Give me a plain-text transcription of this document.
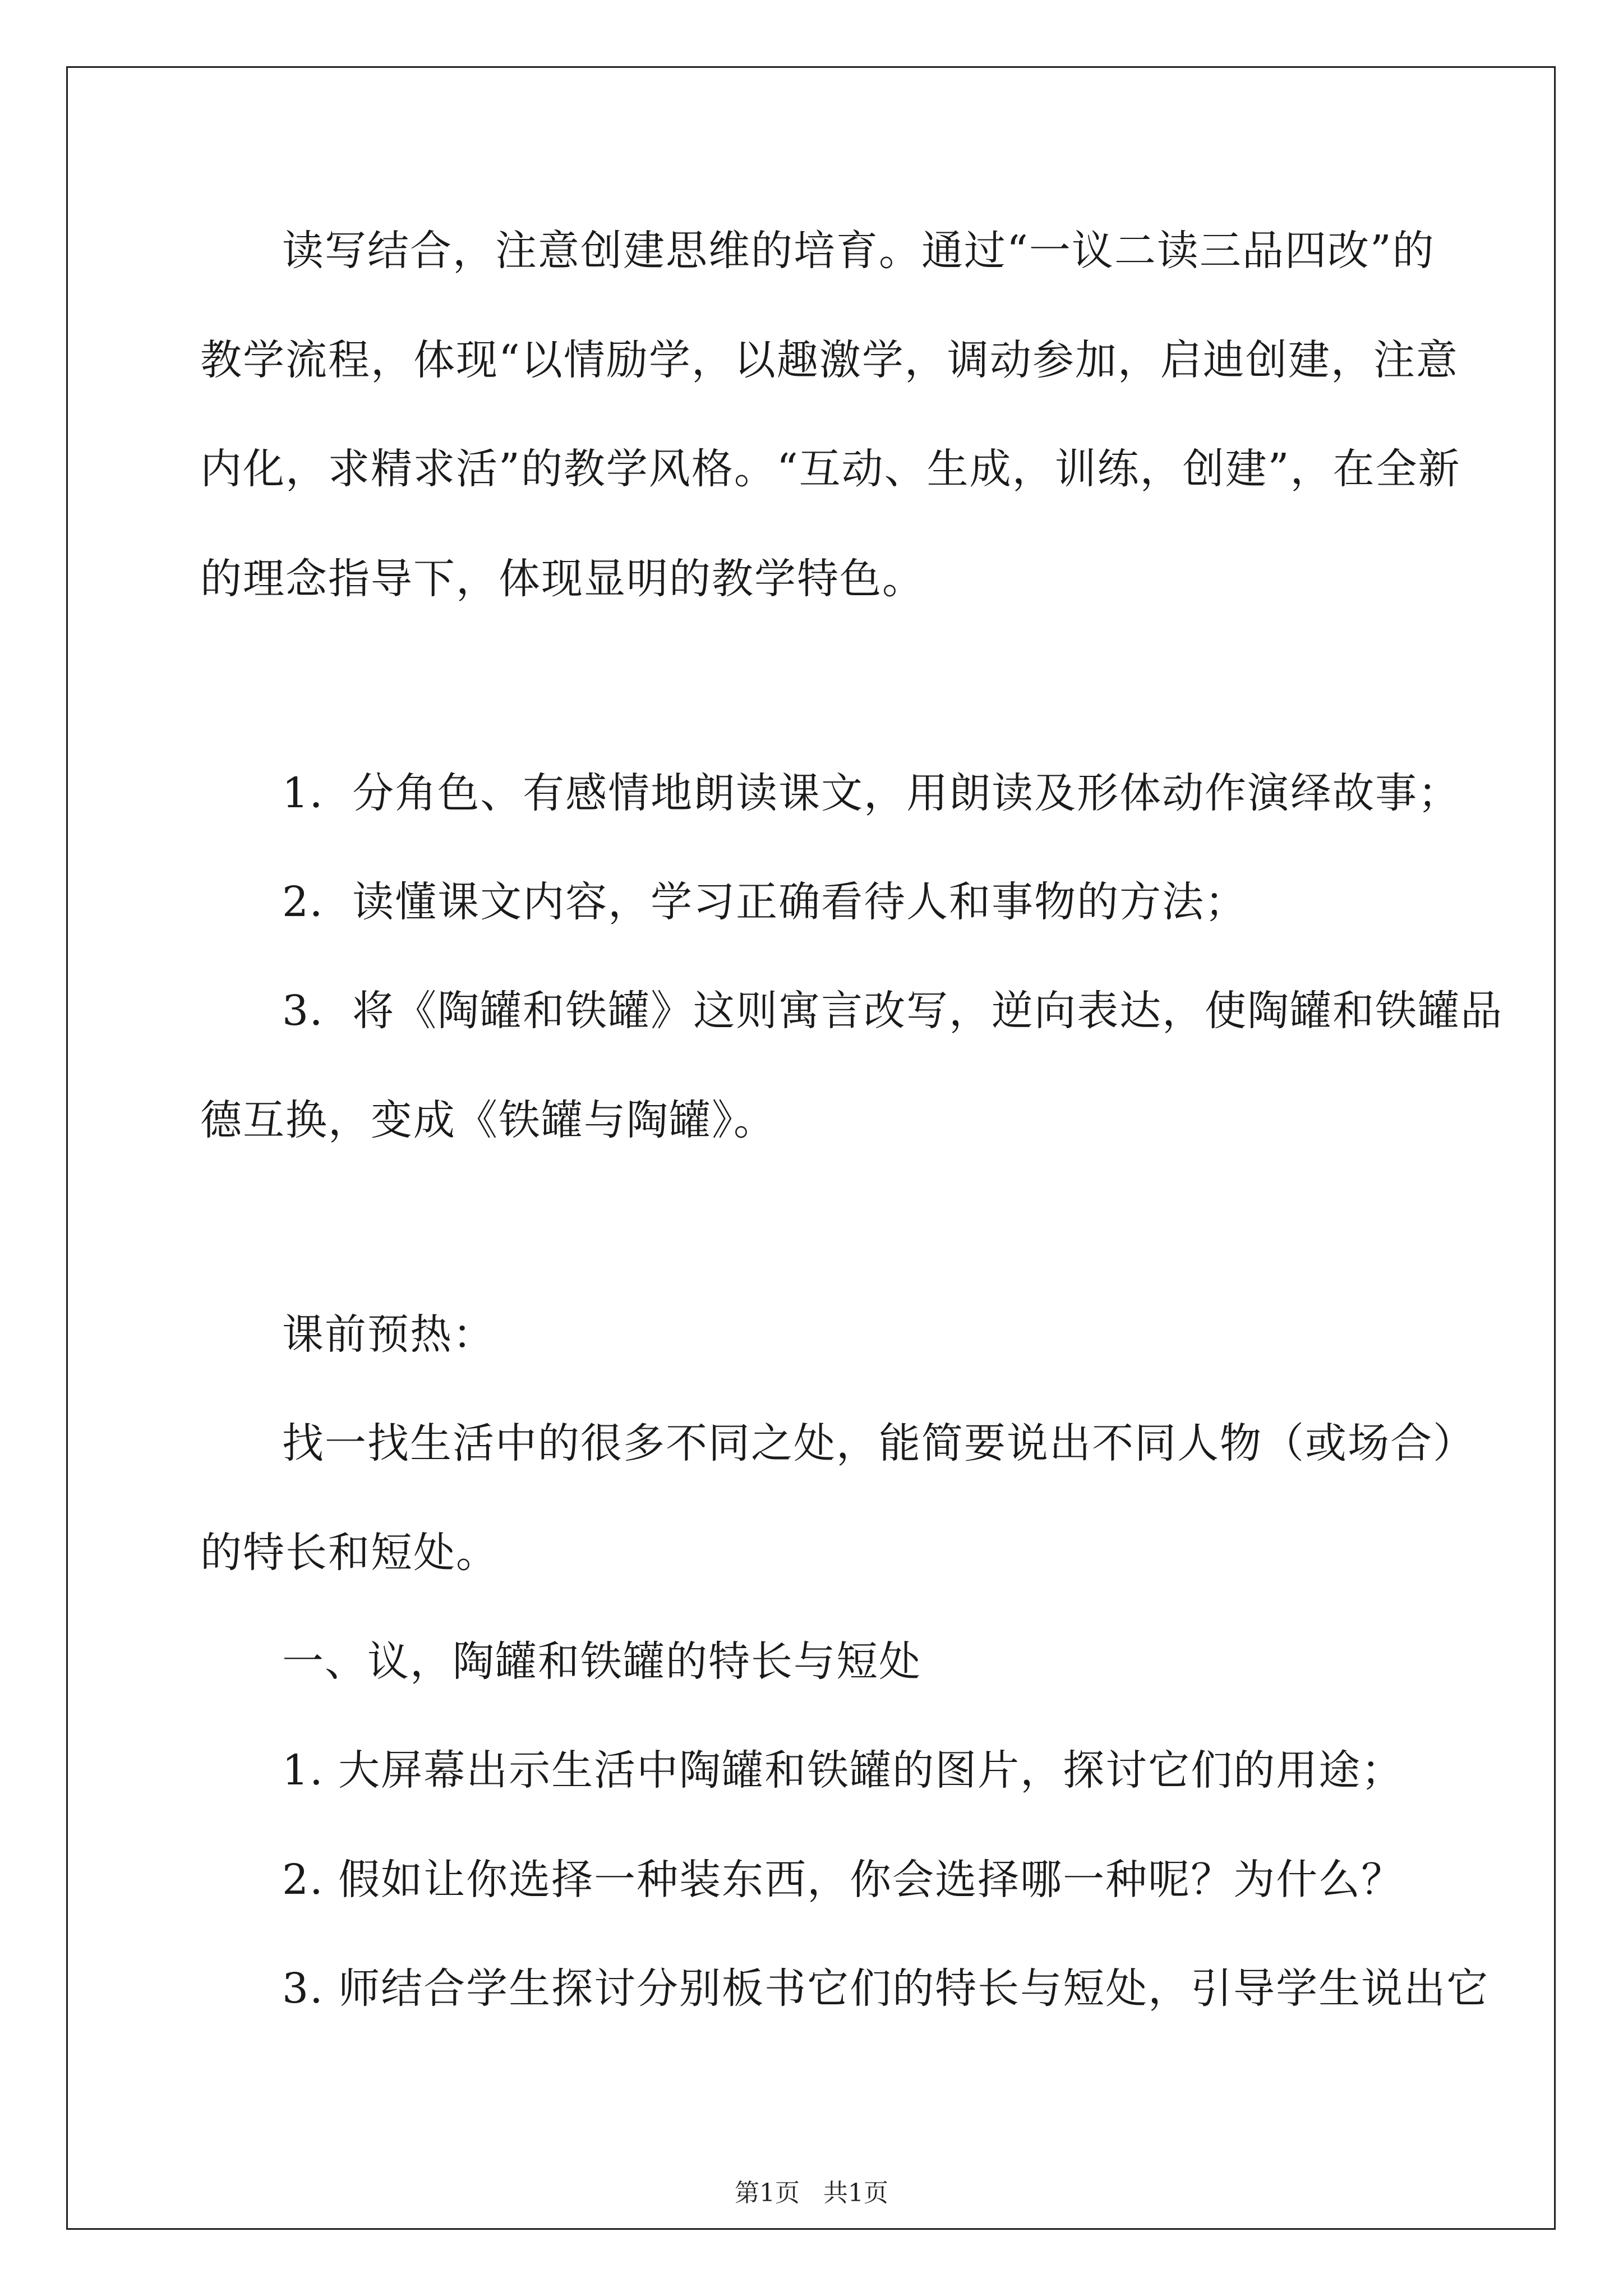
读写结合，注意创建思维的培育。通过“一议二读三品四改”的
教学流程，体现“以情励学，以趣激学，调动参加，启迪创建，注意
内化，求精求活”的教学风格。“互动、生成，训练，创建”，在全新
的理念指导下，体现显明的教学特色。
1．分角色、有感情地朗读课文，用朗读及形体动作演绎故事；
2．读懂课文内容，学习正确看待人和事物的方法；
3．将《陶罐和铁罐》这则寓言改写，逆向表达，使陶罐和铁罐品
德互换，变成《铁罐与陶罐》。
课前预热：
找一找生活中的很多不同之处，能简要说出不同人物（或场合）
的特长和短处。
一、议，陶罐和铁罐的特长与短处
1. 大屏幕出示生活中陶罐和铁罐的图片，探讨它们的用途；
2. 假如让你选择一种装东西，你会选择哪一种呢？为什么？
3. 师结合学生探讨分别板书它们的特长与短处，引导学生说出它
第1页 共1页
